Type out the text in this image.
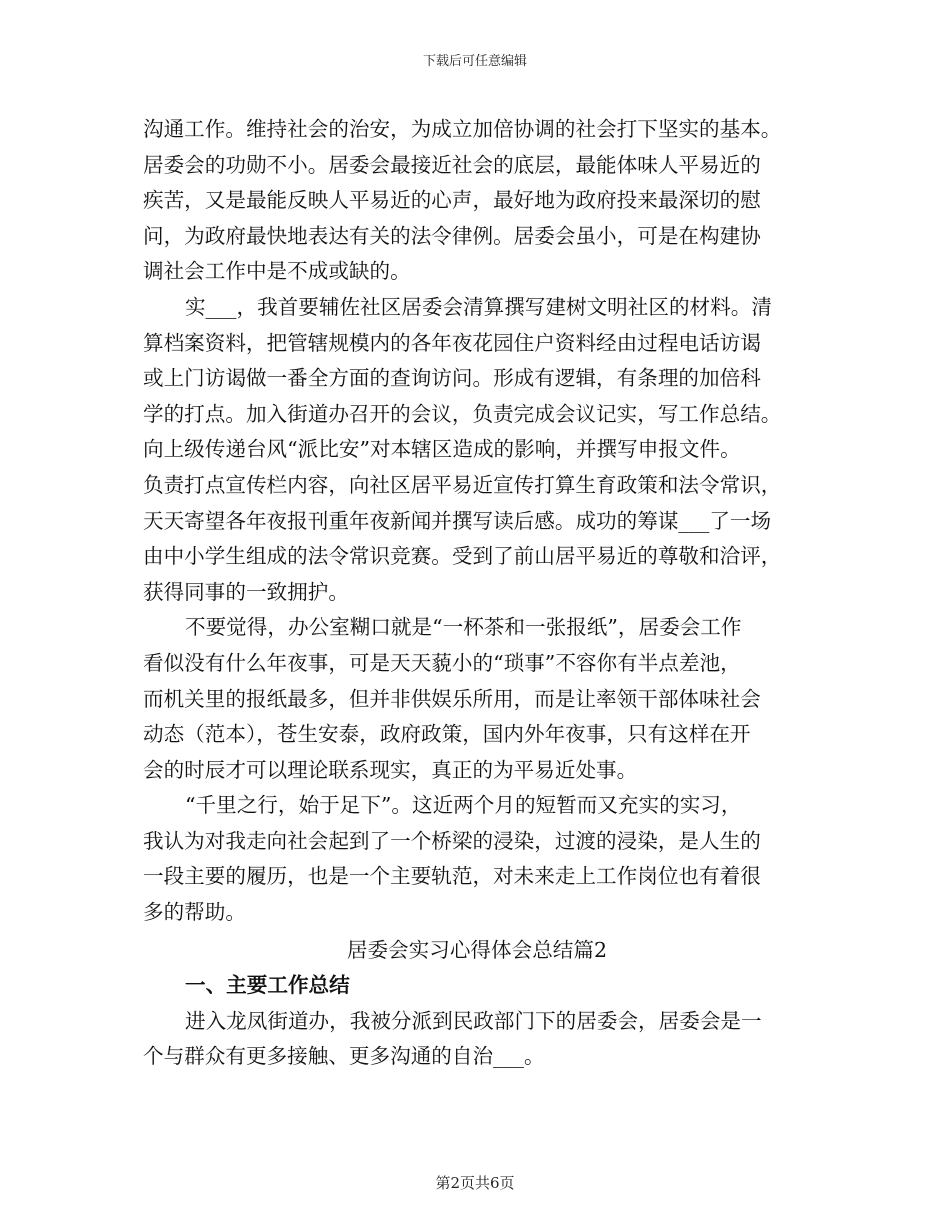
下载后可任意编辑
沟通工作。维持社会的治安，为成立加倍协调的社会打下坚实的基本。
居委会的功勋不小。居委会最接近社会的底层，最能体味人平易近的
疾苦，又是最能反映人平易近的心声，最好地为政府投来最深切的慰
问，为政府最快地表达有关的法令律例。居委会虽小，可是在构建协
调社会工作中是不成或缺的。
实___，我首要辅佐社区居委会清算撰写建树文明社区的材料。清
算档案资料，把管辖规模内的各年夜花园住户资料经由过程电话访谒
或上门访谒做一番全方面的查询访问。形成有逻辑，有条理的加倍科
学的打点。加入街道办召开的会议，负责完成会议记实，写工作总结。
向上级传递台风“派比安”对本辖区造成的影响，并撰写申报文件。
负责打点宣传栏内容，向社区居平易近宣传打算生育政策和法令常识，
天天寄望各年夜报刊重年夜新闻并撰写读后感。成功的筹谋___了一场
由中小学生组成的法令常识竞赛。受到了前山居平易近的尊敬和洽评，
获得同事的一致拥护。
不要觉得，办公室糊口就是“一杯茶和一张报纸”，居委会工作
看似没有什么年夜事，可是天天藐小的“琐事”不容你有半点差池，
而机关里的报纸最多，但并非供娱乐所用，而是让率领干部体味社会
动态（范本），苍生安泰，政府政策，国内外年夜事，只有这样在开
会的时辰才可以理论联系现实，真正的为平易近处事。
“千里之行，始于足下”。这近两个月的短暂而又充实的实习，
我认为对我走向社会起到了一个桥梁的浸染，过渡的浸染，是人生的
一段主要的履历，也是一个主要轨范，对未来走上工作岗位也有着很
多的帮助。
居委会实习心得体会总结篇2
一、主要工作总结
进入龙凤街道办，我被分派到民政部门下的居委会，居委会是一
个与群众有更多接触、更多沟通的自治___。
第2页共6页
